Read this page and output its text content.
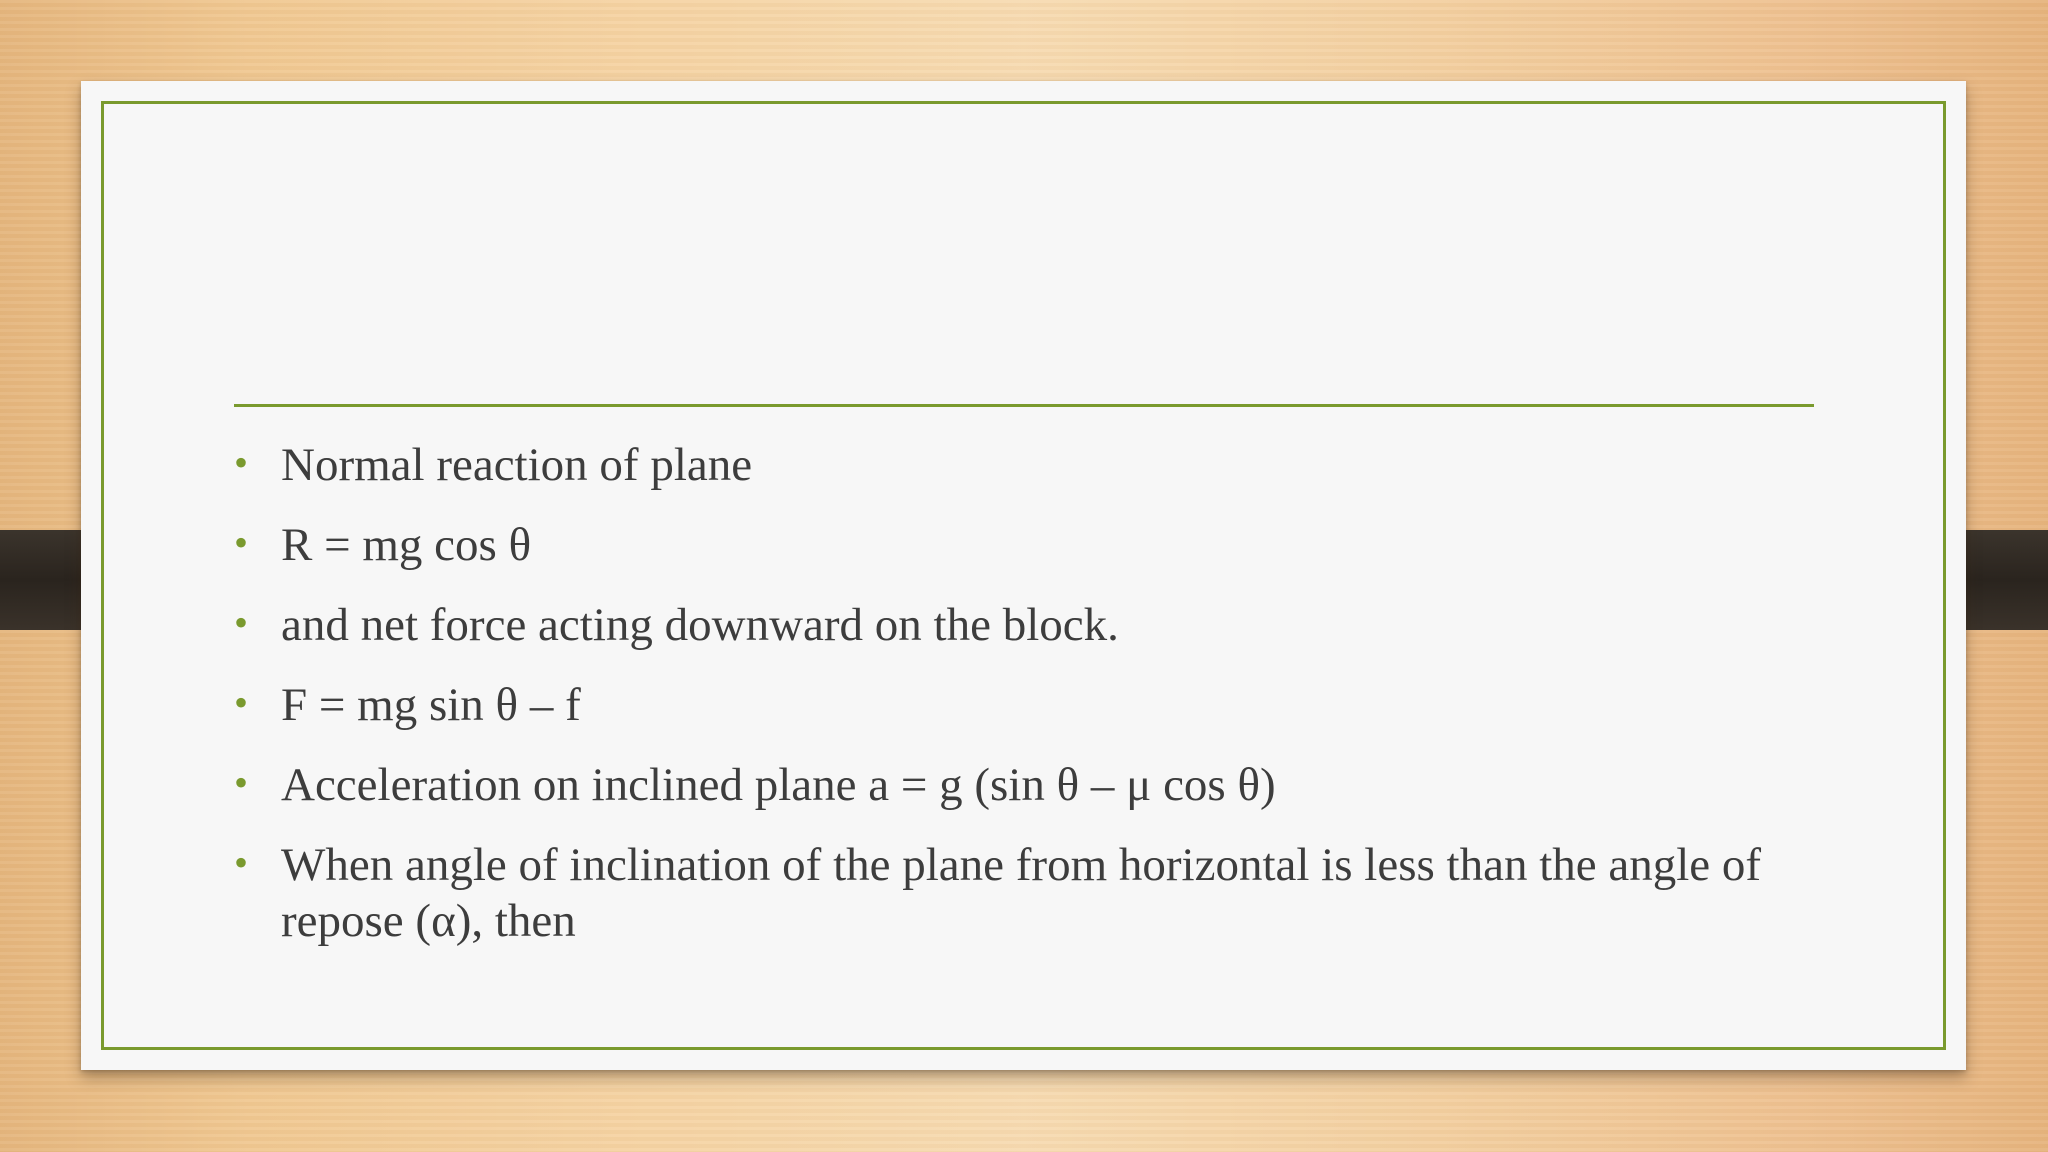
• Normal reaction of plane
• R = mg cos θ
• and net force acting downward on the block.
• F = mg sin θ – f
• Acceleration on inclined plane a = g (sin θ – μ cos θ)
• When angle of inclination of the plane from horizontal is less than the angle of repose (α), then
